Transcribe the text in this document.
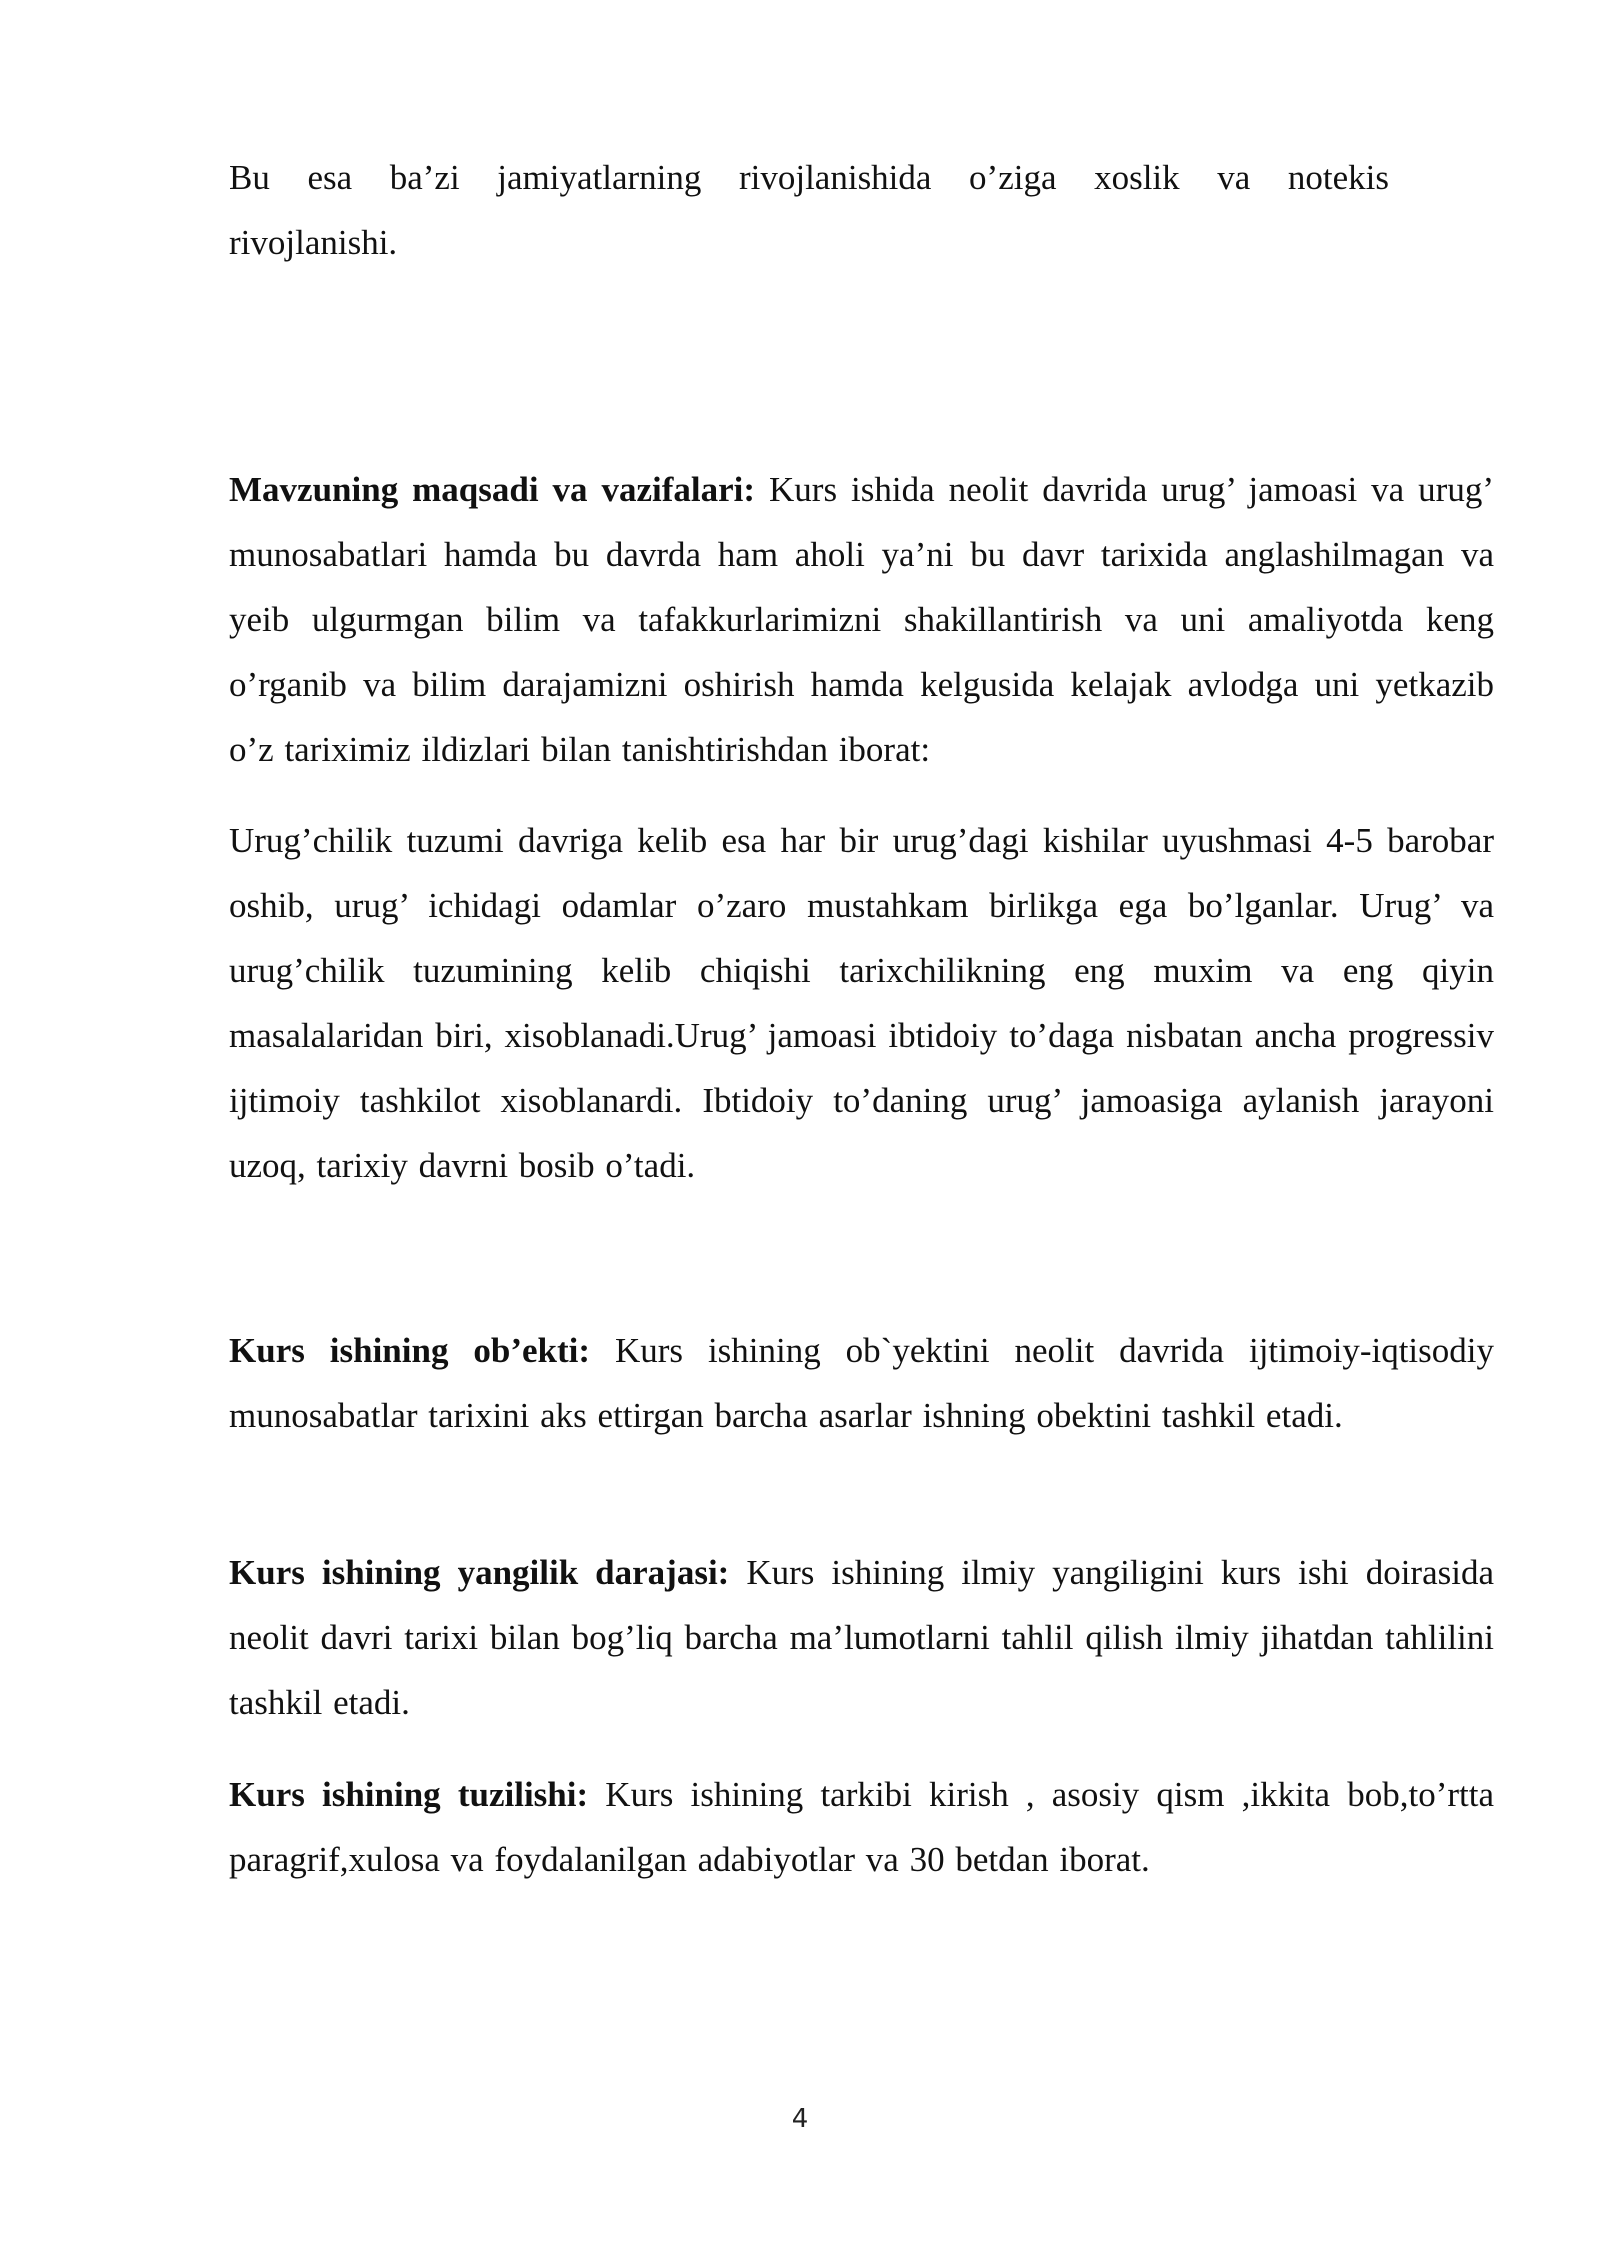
Bu esa ba’zi jamiyatlarning rivojlanishida o’ziga xoslik va notekis rivojlanishi.

Mavzuning maqsadi va vazifalari: Kurs ishida neolit davrida urug’ jamoasi va urug’ munosabatlari hamda bu davrda ham aholi ya’ni bu davr tarixida anglashilmagan va yeib ulgurmgan bilim va tafakkurlarimizni shakillantirish va uni amaliyotda keng o’rganib va bilim darajamizni oshirish hamda kelgusida kelajak avlodga uni yetkazib o’z tariximiz ildizlari bilan tanishtirishdan iborat:

Urug’chilik tuzumi davriga kelib esa har bir urug’dagi kishilar uyushmasi 4-5 barobar oshib, urug’ ichidagi odamlar o’zaro mustahkam birlikga ega bo’lganlar. Urug’ va urug’chilik tuzumining kelib chiqishi tarixchilikning eng muxim va eng qiyin masalalaridan biri, xisoblanadi.Urug’ jamoasi ibtidoiy to’daga nisbatan ancha progressiv ijtimoiy tashkilot xisoblanardi. Ibtidoiy to’daning urug’ jamoasiga aylanish jarayoni uzoq, tarixiy davrni bosib o’tadi.

Kurs ishining ob’ekti: Kurs ishining ob`yektini neolit davrida ijtimoiy-iqtisodiy munosabatlar tarixini aks ettirgan barcha asarlar ishning obektini tashkil etadi.

Kurs ishining yangilik darajasi: Kurs ishining ilmiy yangiligini kurs ishi doirasida neolit davri tarixi bilan bog’liq barcha ma’lumotlarni tahlil qilish ilmiy jihatdan tahlilini tashkil etadi.

Kurs ishining tuzilishi: Kurs ishining tarkibi kirish , asosiy qism ,ikkita bob,to’rtta paragrif,xulosa va foydalanilgan adabiyotlar va 30 betdan iborat.

4
